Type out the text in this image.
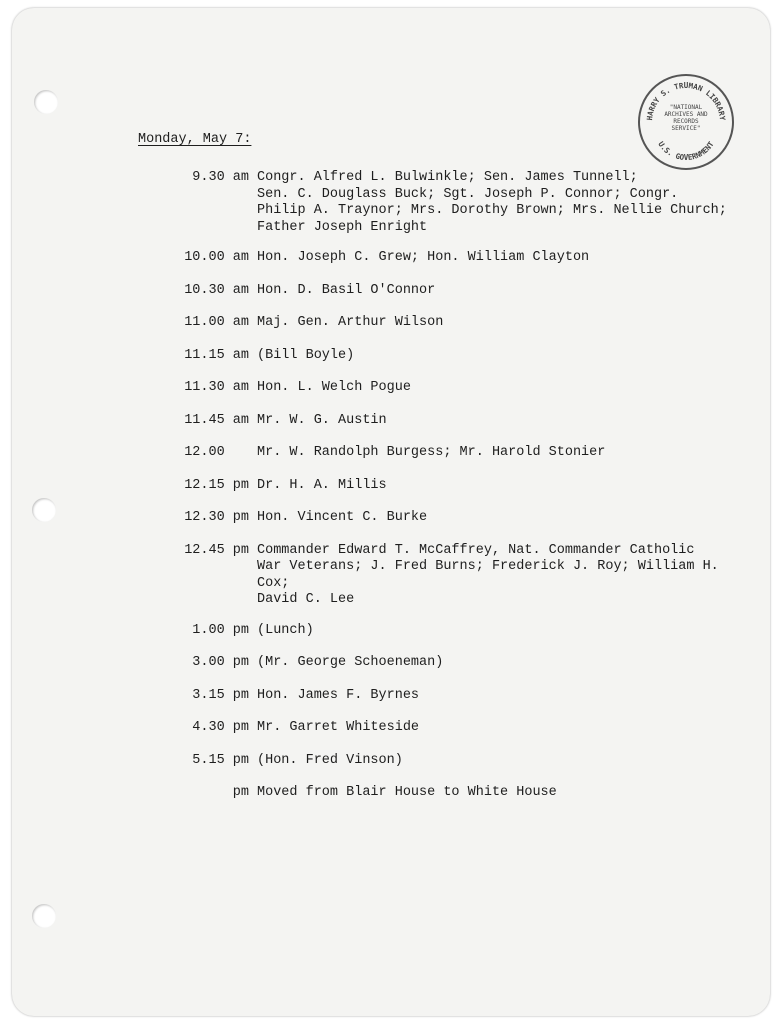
HARRY S. TRUMAN LIBRARY
U.S. GOVERNMENT
"NATIONAL
ARCHIVES AND
RECORDS
SERVICE"
Monday, May 7:
9.30 am Congr. Alfred L. Bulwinkle; Sen. James Tunnell;
Sen. C. Douglass Buck; Sgt. Joseph P. Connor; Congr.
Philip A. Traynor; Mrs. Dorothy Brown; Mrs. Nellie Church;
Father Joseph Enright
10.00 am Hon. Joseph C. Grew; Hon. William Clayton
10.30 am Hon. D. Basil O'Connor
11.00 am Maj. Gen. Arthur Wilson
11.15 am (Bill Boyle)
11.30 am Hon. L. Welch Pogue
11.45 am Mr. W. G. Austin
12.00 Mr. W. Randolph Burgess; Mr. Harold Stonier
12.15 pm Dr. H. A. Millis
12.30 pm Hon. Vincent C. Burke
12.45 pm Commander Edward T. McCaffrey, Nat. Commander Catholic
War Veterans; J. Fred Burns; Frederick J. Roy; William H. Cox;
David C. Lee
1.00 pm (Lunch)
3.00 pm (Mr. George Schoeneman)
3.15 pm Hon. James F. Byrnes
4.30 pm Mr. Garret Whiteside
5.15 pm (Hon. Fred Vinson)
pm Moved from Blair House to White House
